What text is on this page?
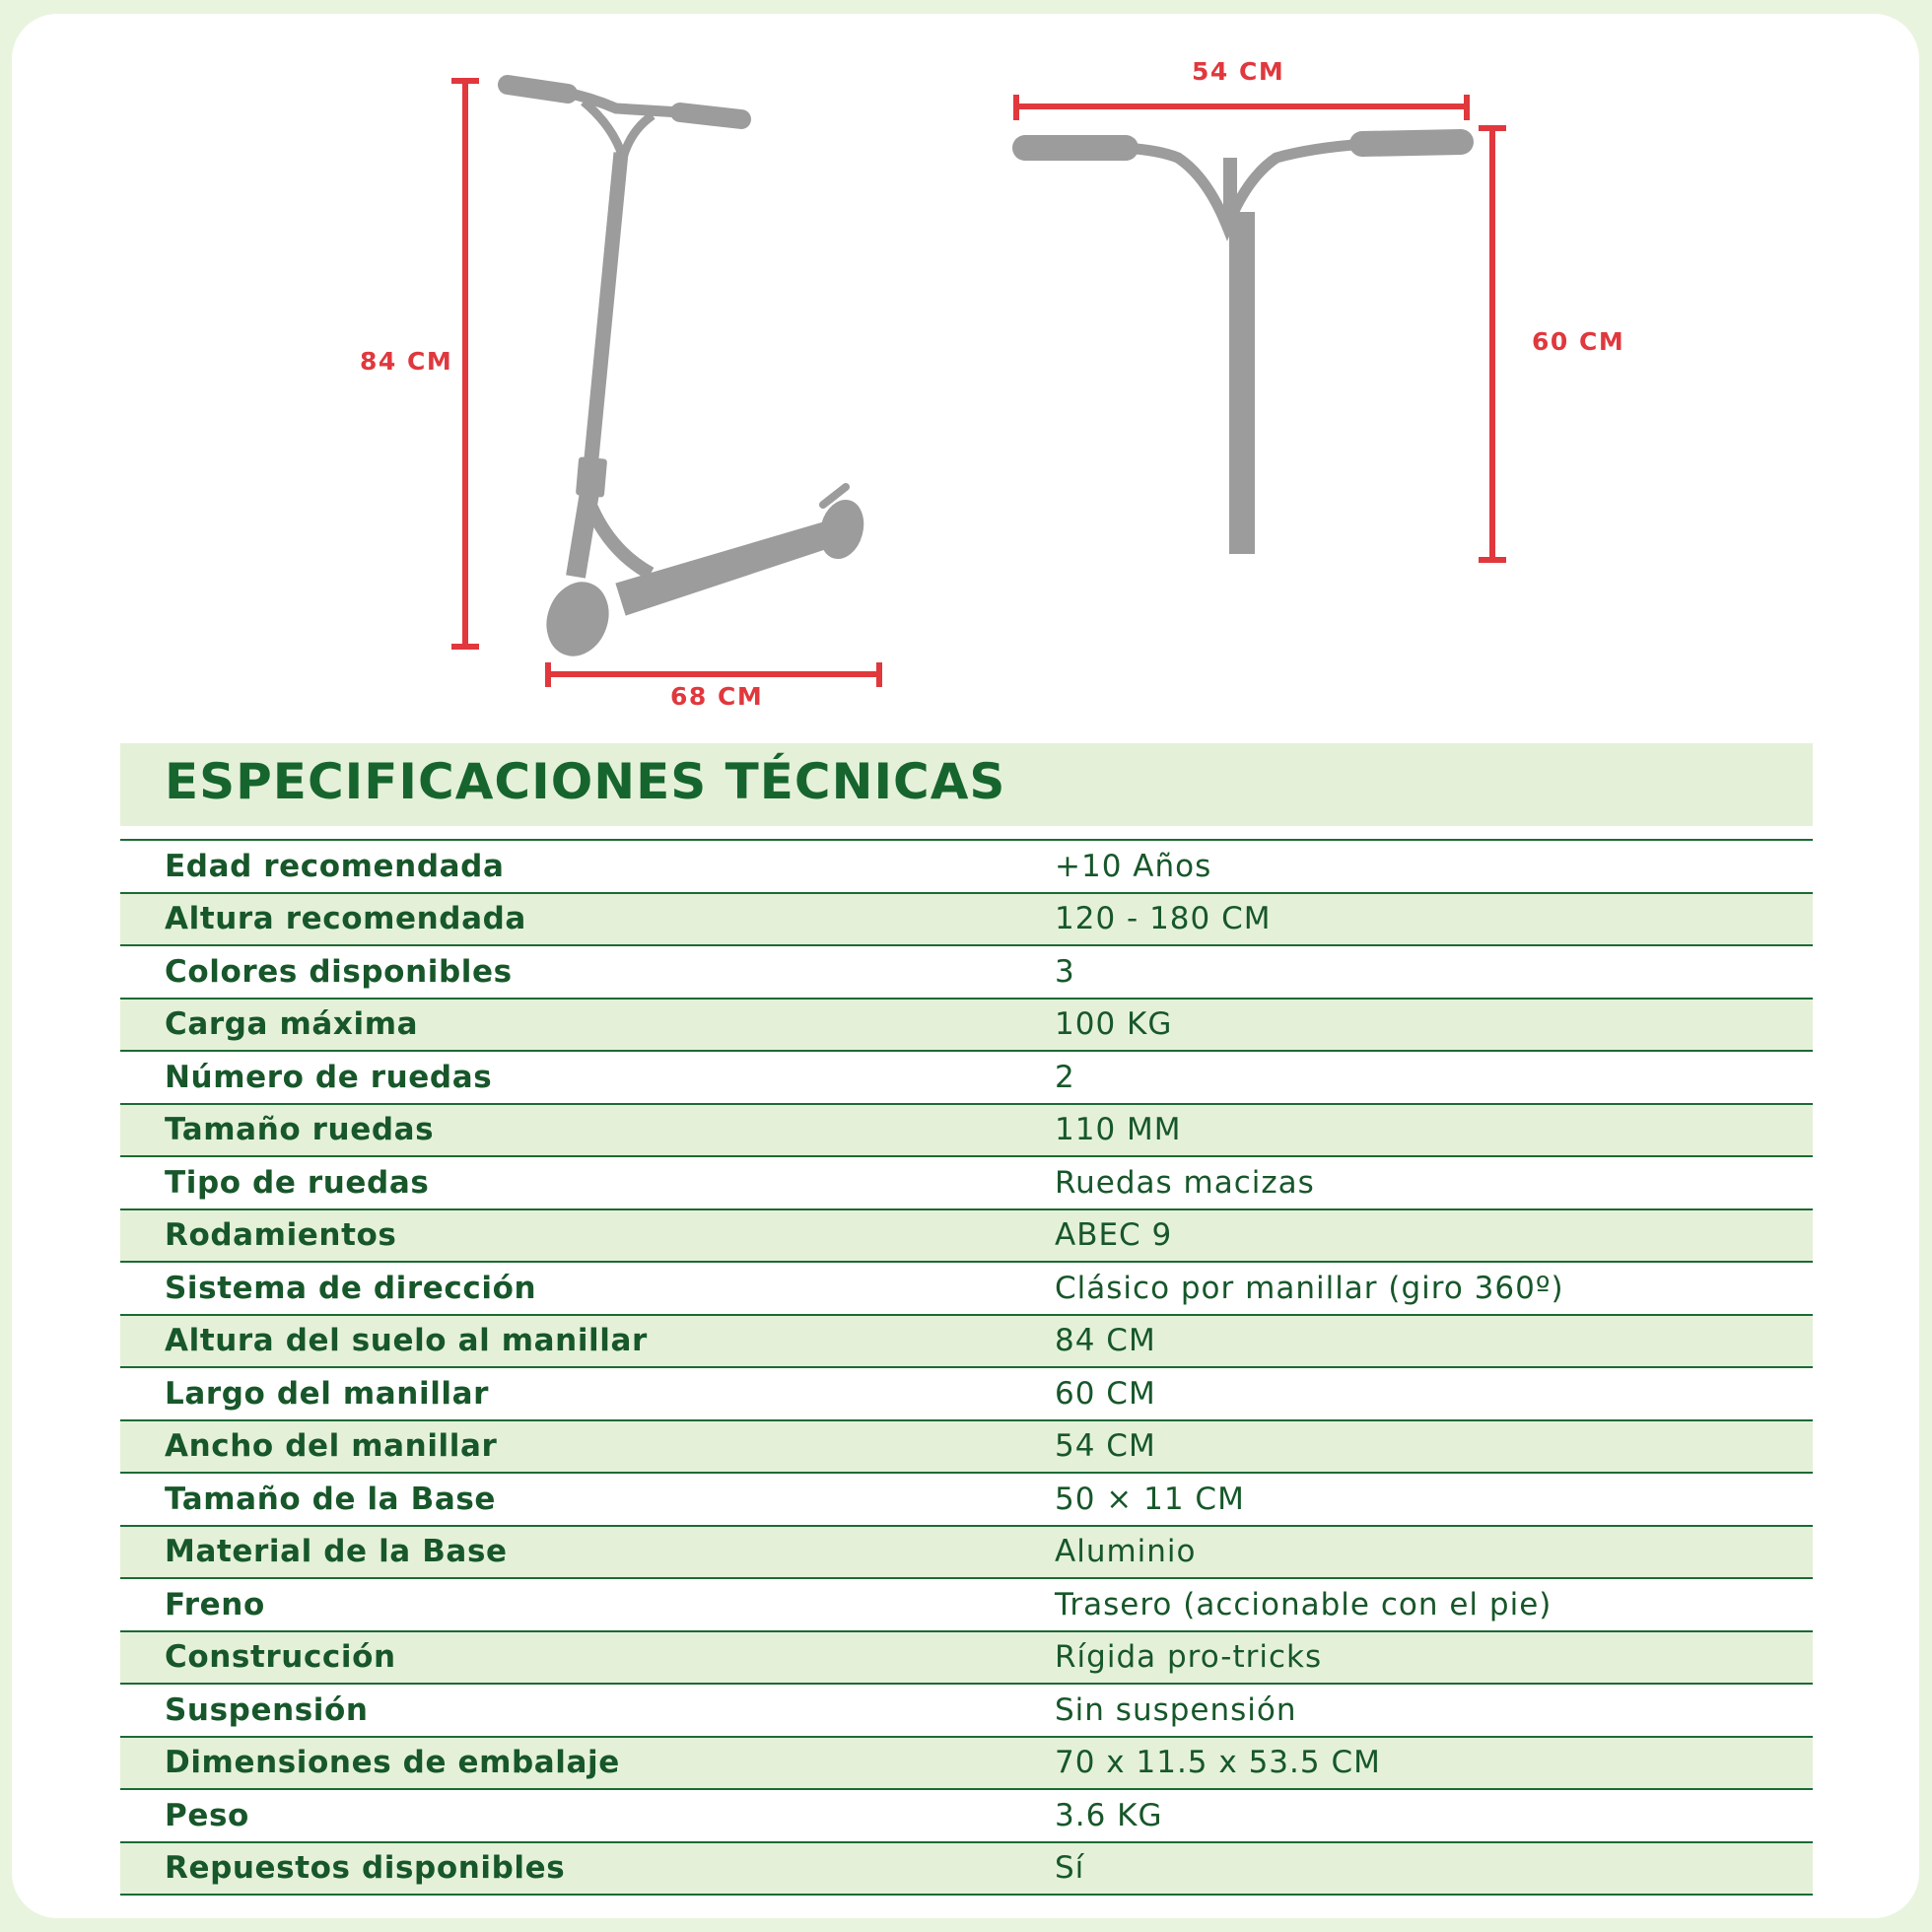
84 CM
68 CM
54 CM
60 CM
ESPECIFICACIONES TÉCNICAS
Edad recomendada	+10 Años
Altura recomendada	120 - 180 CM
Colores disponibles	3
Carga máxima	100 KG
Número de ruedas	2
Tamaño ruedas	110 MM
Tipo de ruedas	Ruedas macizas
Rodamientos	ABEC 9
Sistema de dirección	Clásico por manillar (giro 360º)
Altura del suelo al manillar	84 CM
Largo del manillar	60 CM
Ancho del manillar	54 CM
Tamaño de la Base	50 × 11 CM
Material de la Base	Aluminio
Freno	Trasero (accionable con el pie)
Construcción	Rígida pro-tricks
Suspensión	Sin suspensión
Dimensiones de embalaje	70 x 11.5 x 53.5 CM
Peso	3.6 KG
Repuestos disponibles	Sí
